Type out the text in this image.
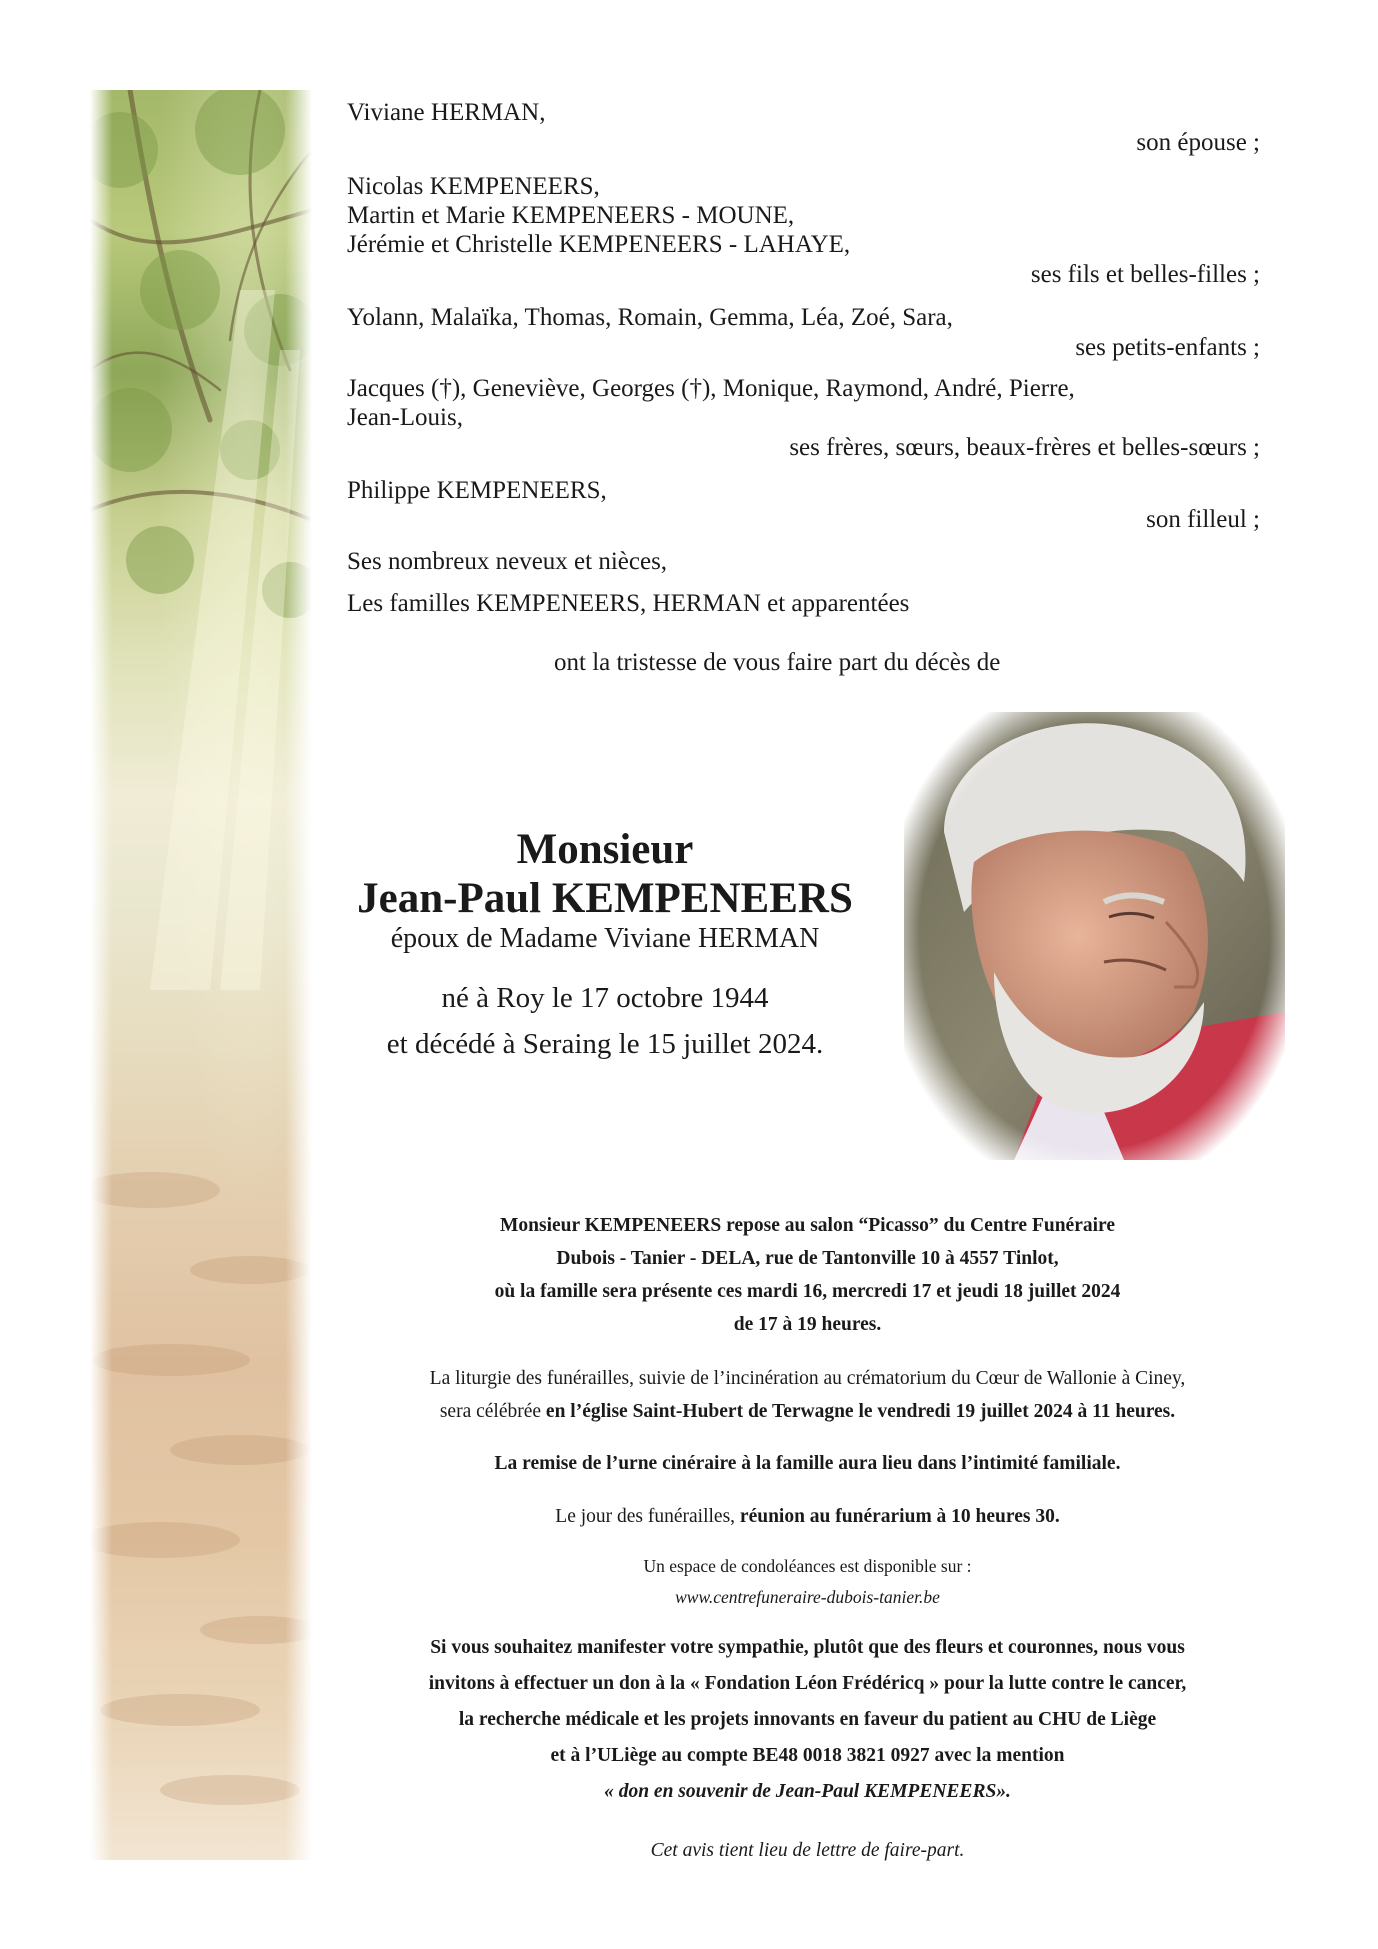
Viviane HERMAN,
son épouse ;
Nicolas KEMPENEERS,
Martin et Marie KEMPENEERS - MOUNE,
Jérémie et Christelle KEMPENEERS - LAHAYE,
ses fils et belles-filles ;
Yolann, Malaïka, Thomas, Romain, Gemma, Léa, Zoé, Sara,
ses petits-enfants ;
Jacques (†), Geneviève, Georges (†), Monique, Raymond, André, Pierre,
Jean-Louis,
ses frères, sœurs, beaux-frères et belles-sœurs ;
Philippe KEMPENEERS,
son filleul ;
Ses nombreux neveux et nièces,
Les familles KEMPENEERS, HERMAN et apparentées
ont la tristesse de vous faire part du décès de
Monsieur
Jean-Paul KEMPENEERS
époux de Madame Viviane HERMAN
né à Roy le 17 octobre 1944
et décédé à Seraing le 15 juillet 2024.
Monsieur KEMPENEERS repose au salon “Picasso” du Centre Funéraire
Dubois - Tanier - DELA, rue de Tantonville 10 à 4557 Tinlot,
où la famille sera présente ces mardi 16, mercredi 17 et jeudi 18 juillet 2024
de 17 à 19 heures.
La liturgie des funérailles, suivie de l’incinération au crématorium du Cœur de Wallonie à Ciney,
sera célébrée en l’église Saint-Hubert de Terwagne le vendredi 19 juillet 2024 à 11 heures.
La remise de l’urne cinéraire à la famille aura lieu dans l’intimité familiale.
Le jour des funérailles, réunion au funérarium à 10 heures 30.
Un espace de condoléances est disponible sur :
www.centrefuneraire-dubois-tanier.be
Si vous souhaitez manifester votre sympathie, plutôt que des fleurs et couronnes, nous vous
invitons à effectuer un don à la « Fondation Léon Frédéricq » pour la lutte contre le cancer,
la recherche médicale et les projets innovants en faveur du patient au CHU de Liège
et à l’ULiège au compte BE48 0018 3821 0927 avec la mention
« don en souvenir de Jean-Paul KEMPENEERS».
Cet avis tient lieu de lettre de faire-part.
